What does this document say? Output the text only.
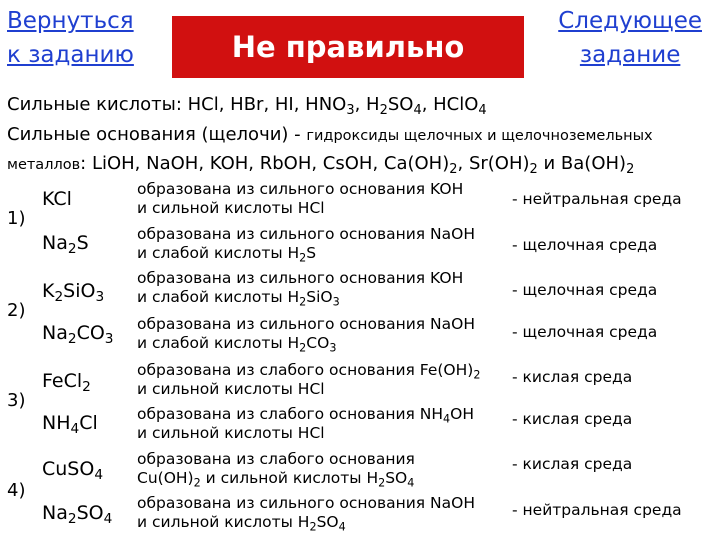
Вернуться
к заданию	Не правильно
Следующее
задание
Сильные кислоты: HCl, HBr, HI, $HNO_3$, $H_2SO_4$, HClO$_4$
Сильные основания (щелочи) - гидроксиды щелочных и щелочноземельных
металлов: LiOH, NaOH, KOH, RbOH, CsOH, $Ca(OH)_2$, $Sr(OH)_2$ и $Ba(OH)_2$
1)
2)
3)
4)
KCl
$Na_2S$
$K_2SiO_3$
$Na_2CO_3$
FeCl$_2$
$NH_4Cl$
CuSO$_4$
$Na_2SO_4$
образована из сильного основания KOH
и сильной кислоты HCl
образована из сильного основания NaOH
и слабой кислоты $H_2S$
образована из сильного основания KOH
и слабой кислоты $H_2SiO_3$
образована из сильного основания NaOH
и слабой кислоты $H_2CO_3$
образована из слабого основания $Fe(OH)_2$
и сильной кислоты HCl
образована из слабого основания $NH_4OH$
и сильной кислоты HCl
образована из слабого основания
$Cu(OH)_2$ и сильной кислоты $H_2SO_4$
образована из сильного основания NaOH
и сильной кислоты $H_2SO_4$
- нейтральная среда
- щелочная среда
- щелочная среда
- щелочная среда
- кислая среда
- кислая среда
- кислая среда
- нейтральная среда
